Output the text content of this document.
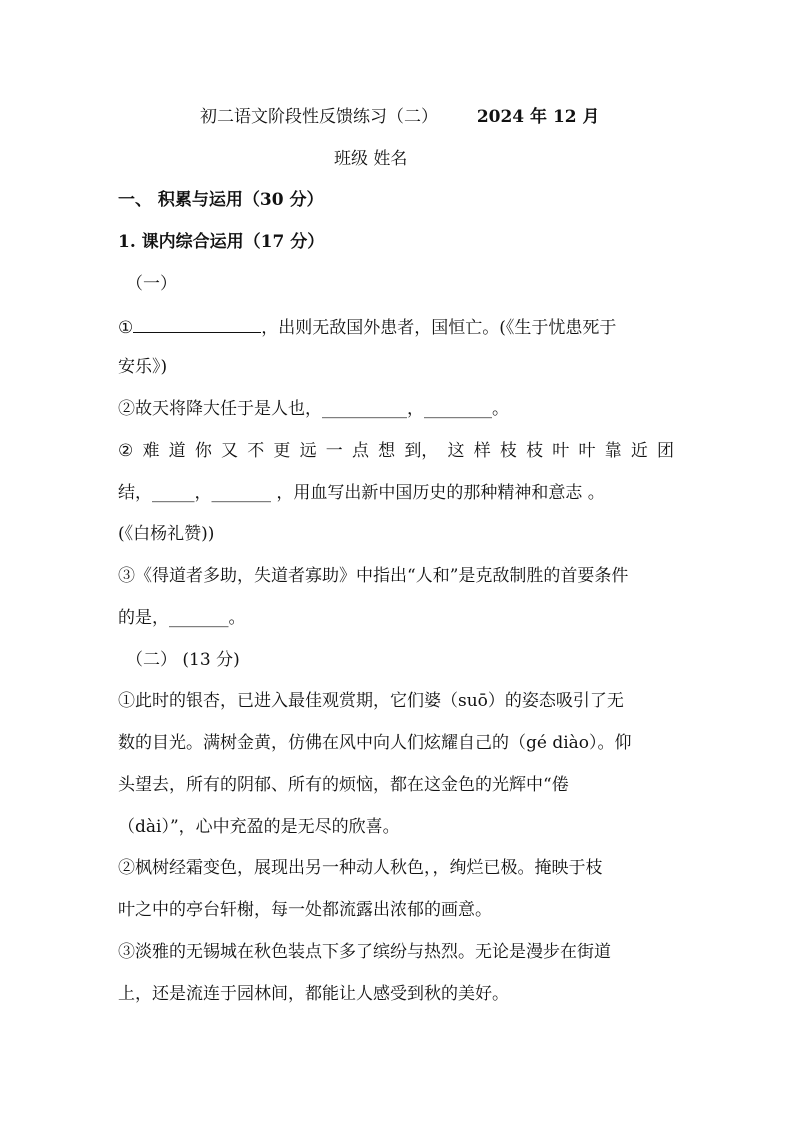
初二语文阶段性反馈练习（二） 2024 年 12 月
班级 姓名
一、 积累与运用（30 分）
1. 课内综合运用（17 分）
（一）
①	，出则无敌国外患者，国恒亡。(《生于忧患死于
安乐》)
②故天将降大任于是人也，__________，________。
② 难 道 你 又 不 更 远 一 点 想 到， 这 样 枝 枝 叶 叶 靠 近 团
结，_____，_______ ，用血写出新中国历史的那种精神和意志 。
(《白杨礼赞))
③《得道者多助，失道者寡助》中指出“人和”是克敌制胜的首要条件
的是，_______。
（二） (13 分)
①此时的银杏，已进入最佳观赏期，它们婆（suō）的姿态吸引了无
数的目光。满树金黄，仿佛在风中向人们炫耀自己的（gé diào）。仰
头望去，所有的阴郁、所有的烦恼，都在这金色的光辉中“倦
（dài）”，心中充盈的是无尽的欣喜。
②枫树经霜变色，展现出另一种动人秋色，，绚烂已极。掩映于枝
叶之中的亭台轩榭，每一处都流露出浓郁的画意。
③淡雅的无锡城在秋色装点下多了缤纷与热烈。无论是漫步在街道
上，还是流连于园林间，都能让人感受到秋的美好。
